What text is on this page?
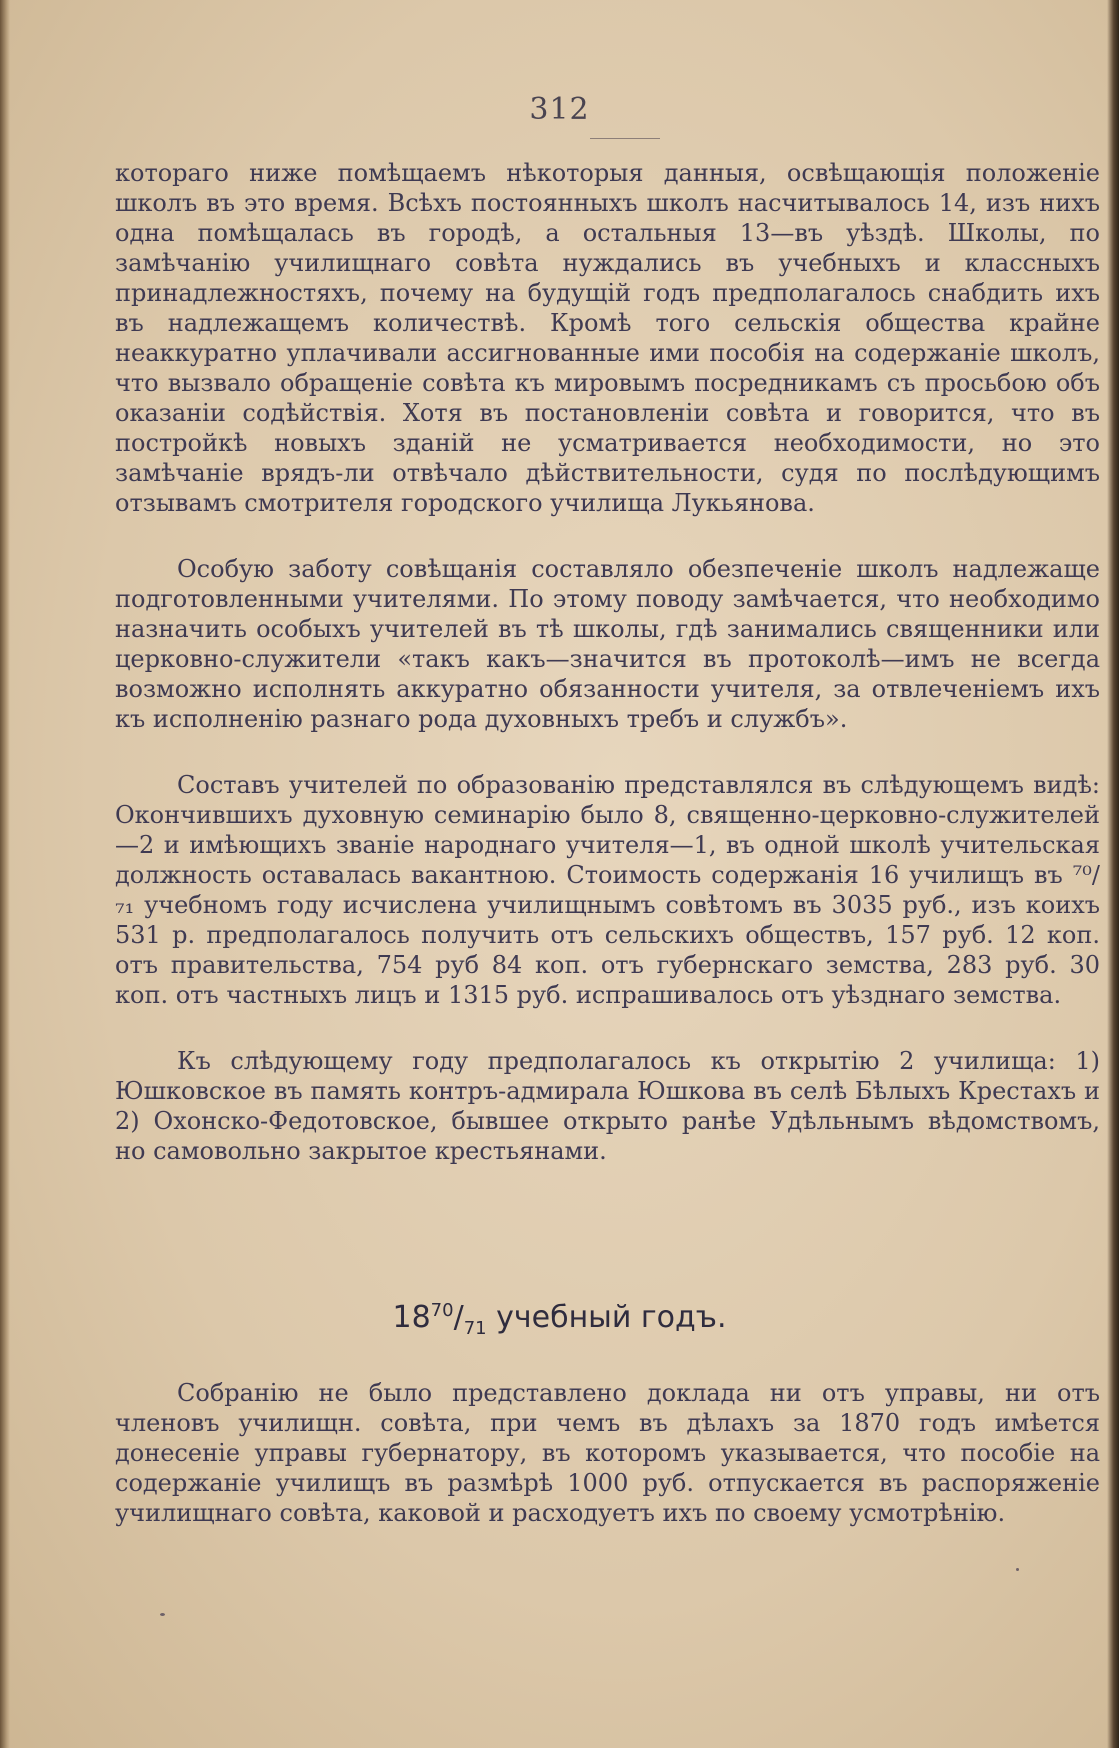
312

котораго ниже помѣщаемъ нѣкоторыя данныя, освѣщающія положеніе школъ въ это время. Всѣхъ постоянныхъ школъ насчитывалось 14, изъ нихъ одна помѣщалась въ городѣ, а остальныя 13—въ уѣздѣ. Школы, по замѣчанію училищнаго совѣта нуждались въ учебныхъ и классныхъ принадлежностяхъ, почему на будущій годъ предполагалось снабдить ихъ въ надлежащемъ количествѣ. Кромѣ того сельскія общества крайне неаккуратно уплачивали ассигнованные ими пособія на содержаніе школъ, что вызвало обращеніе совѣта къ мировымъ посредникамъ съ просьбою объ оказаніи содѣйствія. Хотя въ постановленіи совѣта и говорится, что въ постройкѣ новыхъ зданій не усматривается необходимости, но это замѣчаніе врядъ-ли отвѣчало дѣйствительности, судя по послѣдующимъ отзывамъ смотрителя городского училища Лукьянова.

Особую заботу совѣщанія составляло обезпеченіе школъ надлежаще подготовленными учителями. По этому поводу замѣчается, что необходимо назначить особыхъ учителей въ тѣ школы, гдѣ занимались священники или церковно-служители «такъ какъ—значится въ протоколѣ—имъ не всегда возможно исполнять аккуратно обязанности учителя, за отвлеченіемъ ихъ къ исполненію разнаго рода духовныхъ требъ и службъ».

Составъ учителей по образованію представлялся въ слѣдующемъ видѣ: Окончившихъ духовную семинарію было 8, священно-церковно-служителей—2 и имѣющихъ званіе народнаго учителя—1, въ одной школѣ учительская должность оставалась вакантною. Стоимость содержанія 16 училищъ въ ⁷⁰/₇₁ учебномъ году исчислена училищнымъ совѣтомъ въ 3035 руб., изъ коихъ 531 р. предполагалось получить отъ сельскихъ обществъ, 157 руб. 12 коп. отъ правительства, 754 руб 84 коп. отъ губернскаго земства, 283 руб. 30 коп. отъ частныхъ лицъ и 1315 руб. испрашивалось отъ уѣзднаго земства.

Къ слѣдующему году предполагалось къ открытію 2 училища: 1) Юшковское въ память контръ-адмирала Юшкова въ селѣ Бѣлыхъ Крестахъ и 2) Охонско-Федотовское, бывшее открыто ранѣе Удѣльнымъ вѣдомствомъ, но самовольно закрытое крестьянами.

$18^{70}/_{71}$ учебный годъ.

Собранію не было представлено доклада ни отъ управы, ни отъ членовъ училищн. совѣта, при чемъ въ дѣлахъ за 1870 годъ имѣется донесеніе управы губернатору, въ которомъ указывается, что пособіе на содержаніе училищъ въ размѣрѣ 1000 руб. отпускается въ распоряженіе училищнаго совѣта, каковой и расходуетъ ихъ по своему усмотрѣнію.
